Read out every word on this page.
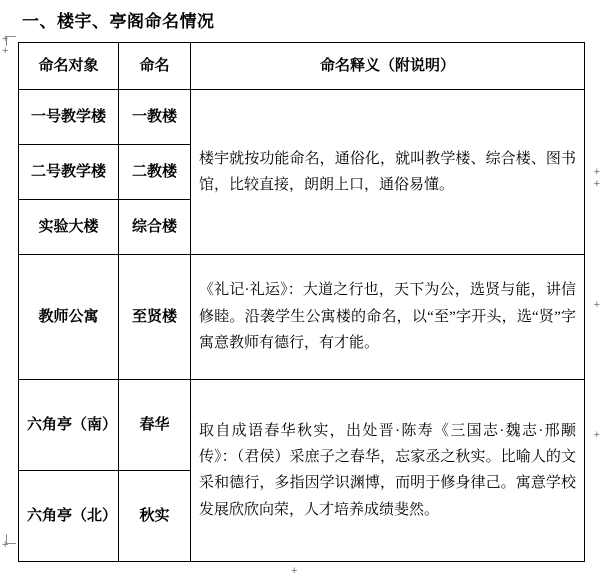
+
+
+
+
+
+
+
+
一、楼宇、亭阁命名情况
命名对象	命名	命名释义（附说明）
一号教学楼	一教楼	楼宇就按功能命名，通俗化，就叫教学楼、综合楼、图书馆，比较直接，朗朗上口，通俗易懂。
二号教学楼	二教楼	
实验大楼	综合楼	
教师公寓	至贤楼	《礼记·礼运》：大道之行也，天下为公，选贤与能，讲信修睦。沿袭学生公寓楼的命名，以“至”字开头，选“贤”字寓意教师有德行，有才能。
六角亭（南）	春华	取自成语春华秋实，出处晋·陈寿《三国志·魏志·邢颙传》：（君侯）采庶子之春华，忘家丞之秋实。比喻人的文采和德行，多指因学识渊博，而明于修身律己。寓意学校发展欣欣向荣，人才培养成绩斐然。
六角亭（北）	秋实	
